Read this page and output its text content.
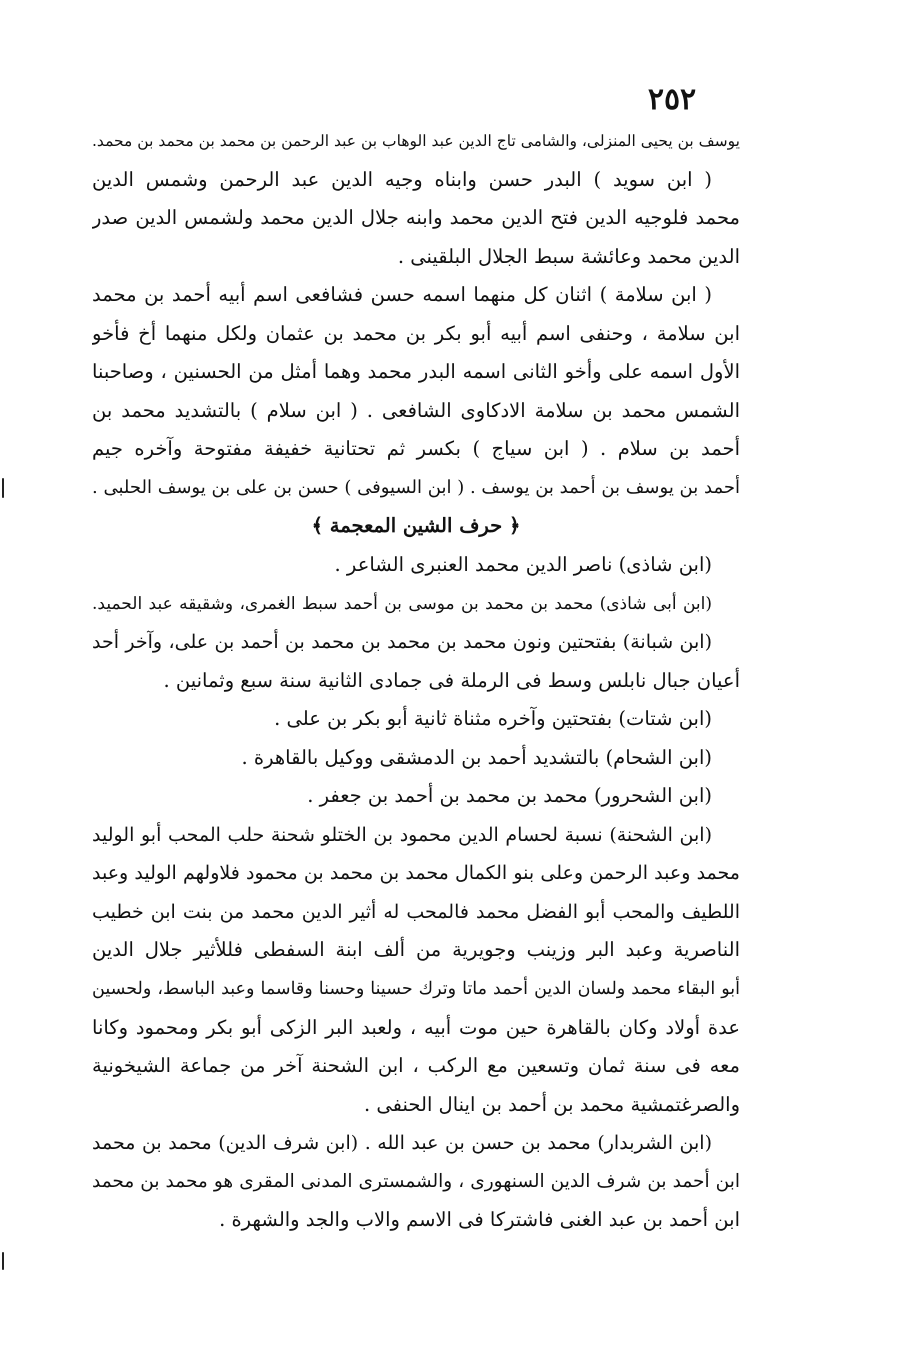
٢٥٢
يوسف بن يحيى المنزلى، والشامى تاج الدين عبد الوهاب بن عبد الرحمن بن محمد بن محمد بن محمد.
( ابن سويد ) البدر حسن وابناه وجيه الدين عبد الرحمن وشمس الدين
محمد فلوجيه الدين فتح الدين محمد وابنه جلال الدين محمد ولشمس الدين صدر
الدين محمد وعائشة سبط الجلال البلقينى .
( ابن سلامة ) اثنان كل منهما اسمه حسن فشافعى اسم أبيه أحمد بن محمد
ابن سلامة ، وحنفى اسم أبيه أبو بكر بن محمد بن عثمان ولكل منهما أخ فأخو
الأول اسمه على وأخو الثانى اسمه البدر محمد وهما أمثل من الحسنين ، وصاحبنا
الشمس محمد بن سلامة الادكاوى الشافعى . ( ابن سلام ) بالتشديد محمد بن
أحمد بن سلام . ( ابن سياج ) بكسر ثم تحتانية خفيفة مفتوحة وآخره جيم
أحمد بن يوسف بن أحمد بن يوسف . ( ابن السيوفى ) حسن بن على بن يوسف الحلبى .
﴿ حرف الشين المعجمة ﴾
(ابن شاذى) ناصر الدين محمد العنبرى الشاعر .
(ابن أبى شاذى) محمد بن محمد بن موسى بن أحمد سبط الغمرى، وشقيقه عبد الحميد.
(ابن شبانة) بفتحتين ونون محمد بن محمد بن محمد بن أحمد بن على، وآخر أحد
أعيان جبال نابلس وسط فى الرملة فى جمادى الثانية سنة سبع وثمانين .
(ابن شتات) بفتحتين وآخره مثناة ثانية أبو بكر بن على .
(ابن الشحام) بالتشديد أحمد بن الدمشقى ووكيل بالقاهرة .
(ابن الشحرور) محمد بن محمد بن أحمد بن جعفر .
(ابن الشحنة) نسبة لحسام الدين محمود بن الختلو شحنة حلب المحب أبو الوليد
محمد وعبد الرحمن وعلى بنو الكمال محمد بن محمد بن محمود فلاولهم الوليد وعبد
اللطيف والمحب أبو الفضل محمد فالمحب له أثير الدين محمد من بنت ابن خطيب
الناصرية وعبد البر وزينب وجويرية من ألف ابنة السفطى فللأثير جلال الدين
أبو البقاء محمد ولسان الدين أحمد ماتا وترك حسينا وحسنا وقاسما وعبد الباسط، ولحسين
عدة أولاد وكان بالقاهرة حين موت أبيه ، ولعبد البر الزكى أبو بكر ومحمود وكانا
معه فى سنة ثمان وتسعين مع الركب ، ابن الشحنة آخر من جماعة الشيخونية
والصرغتمشية محمد بن أحمد بن اينال الحنفى .
(ابن الشربدار) محمد بن حسن بن عبد الله . (ابن شرف الدين) محمد بن محمد
ابن أحمد بن شرف الدين السنهورى ، والشمسترى المدنى المقرى هو محمد بن محمد
ابن أحمد بن عبد الغنى فاشتركا فى الاسم والاب والجد والشهرة .
